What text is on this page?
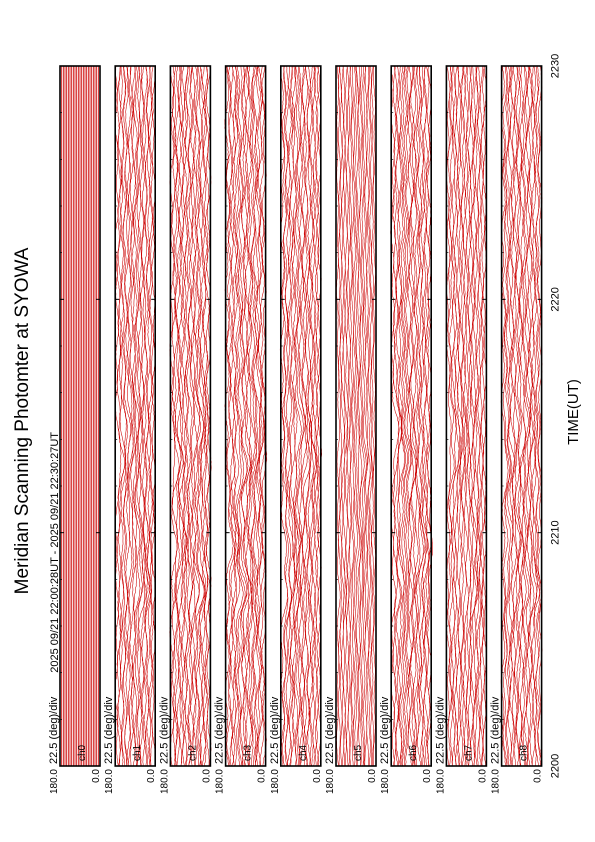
180.0	0.0
ch0
22.5 (deg)/div
180.0	0.0
ch1
22.5 (deg)/div
180.0	0.0
ch2
22.5 (deg)/div
180.0	0.0
ch3
22.5 (deg)/div
180.0	0.0
ch4
22.5 (deg)/div
180.0	0.0
ch5
22.5 (deg)/div
180.0	0.0
ch6
22.5 (deg)/div
180.0	0.0
ch7
22.5 (deg)/div
180.0	0.0
ch8
22.5 (deg)/div
2200
2210
2220
2230
Meridian Scanning Photomter at SYOWA 2025 09/21 22:00:28UT - 2025 09/21 22:30:27UT
TIME(UT)
